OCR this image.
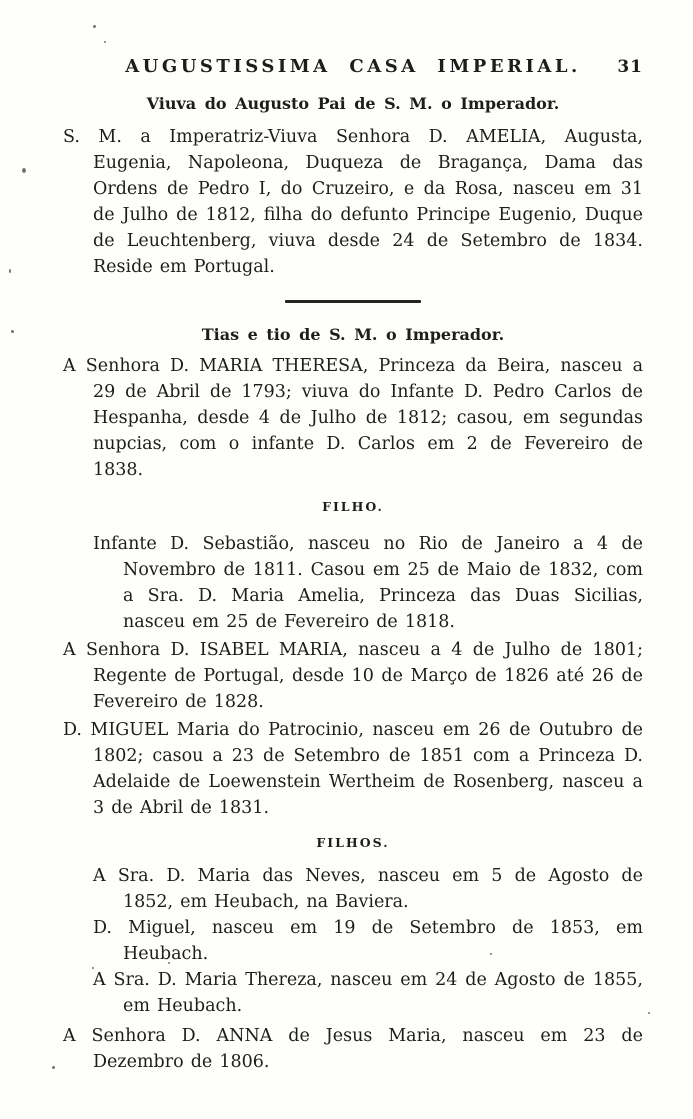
AUGUSTISSIMA CASA IMPERIAL.	31
Viuva do Augusto Pai de S. M. o Imperador.

S. M. a Imperatriz-Viuva Senhora D. AMELIA, Augusta, Eugenia, Napoleona, Duqueza de Bragança, Dama das Ordens de Pedro I, do Cruzeiro, e da Rosa, nasceu em 31 de Julho de 1812, filha do defunto Principe Eugenio, Duque de Leuchtenberg, viuva desde 24 de Setembro de 1834. Reside em Portugal.

Tias e tio de S. M. o Imperador.

A Senhora D. MARIA THERESA, Princeza da Beira, nasceu a 29 de Abril de 1793; viuva do Infante D. Pedro Carlos de Hespanha, desde 4 de Julho de 1812; casou, em segundas nupcias, com o infante D. Carlos em 2 de Fevereiro de 1838.

FILHO.

Infante D. Sebastião, nasceu no Rio de Janeiro a 4 de Novembro de 1811. Casou em 25 de Maio de 1832, com a Sra. D. Maria Amelia, Princeza das Duas Sicilias, nasceu em 25 de Fevereiro de 1818.

A Senhora D. ISABEL MARIA, nasceu a 4 de Julho de 1801; Regente de Portugal, desde 10 de Março de 1826 até 26 de Fevereiro de 1828.

D. MIGUEL Maria do Patrocinio, nasceu em 26 de Outubro de 1802; casou a 23 de Setembro de 1851 com a Princeza D. Adelaide de Loewenstein Wertheim de Rosenberg, nasceu a 3 de Abril de 1831.

FILHOS.

A Sra. D. Maria das Neves, nasceu em 5 de Agosto de 1852, em Heubach, na Baviera.

D. Miguel, nasceu em 19 de Setembro de 1853, em Heubach.

A Sra. D. Maria Thereza, nasceu em 24 de Agosto de 1855, em Heubach.

A Senhora D. ANNA de Jesus Maria, nasceu em 23 de Dezembro de 1806.
